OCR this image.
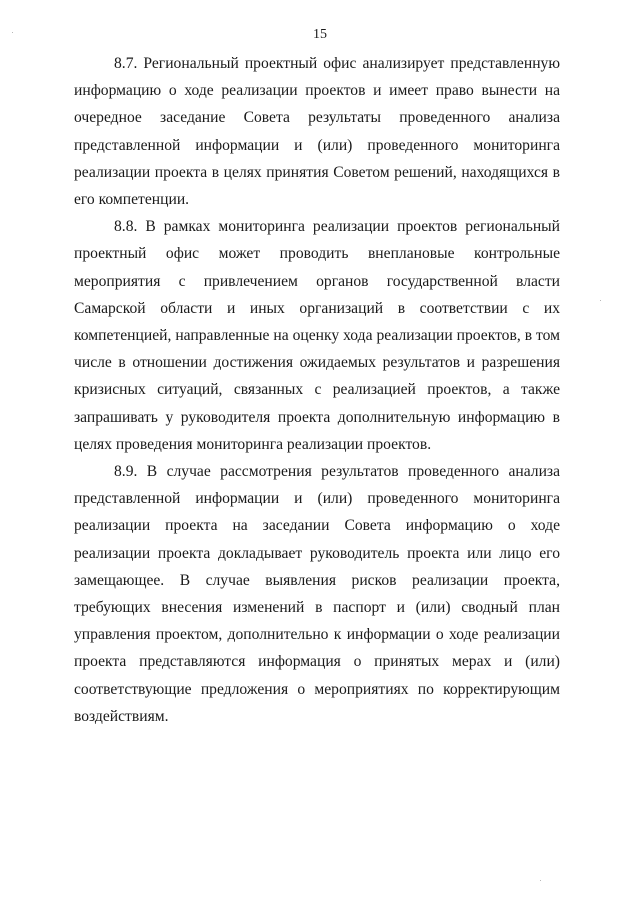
15

8.7. Региональный проектный офис анализирует представленную информацию о ходе реализации проектов и имеет право вынести на очередное заседание Совета результаты проведенного анализа представленной информации и (или) проведенного мониторинга реализации проекта в целях принятия Советом решений, находящихся в его компетенции.

8.8. В рамках мониторинга реализации проектов региональный проектный офис может проводить внеплановые контрольные мероприятия с привлечением органов государственной власти Самарской области и иных организаций в соответствии с их компетенцией, направленные на оценку хода реализации проектов, в том числе в отношении достижения ожидаемых результатов и разрешения кризисных ситуаций, связанных с реализацией проектов, а также запрашивать у руководителя проекта дополнительную информацию в целях проведения мониторинга реализации проектов.

8.9. В случае рассмотрения результатов проведенного анализа представленной информации и (или) проведенного мониторинга реализации проекта на заседании Совета информацию о ходе реализации проекта докладывает руководитель проекта или лицо его замещающее. В случае выявления рисков реализации проекта, требующих внесения изменений в паспорт и (или) сводный план управления проектом, дополнительно к информации о ходе реализации проекта представляются информация о принятых мерах и (или) соответствующие предложения о мероприятиях по корректирующим воздействиям.
